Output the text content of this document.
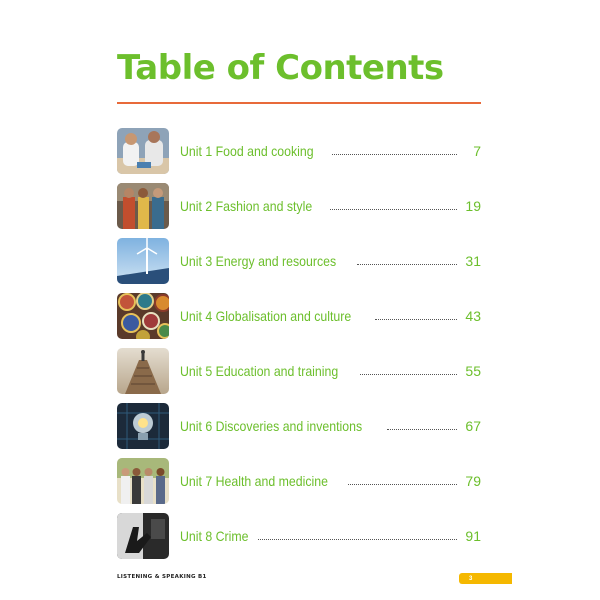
Table of Contents
Unit 1 Food and cooking	7
Unit 2 Fashion and style	19
Unit 3 Energy and resources	31
Unit 4 Globalisation and culture	43
Unit 5 Education and training	55
Unit 6 Discoveries and inventions	67
Unit 7 Health and medicine	79
Unit 8 Crime	91
LISTENING & SPEAKING B1	3
